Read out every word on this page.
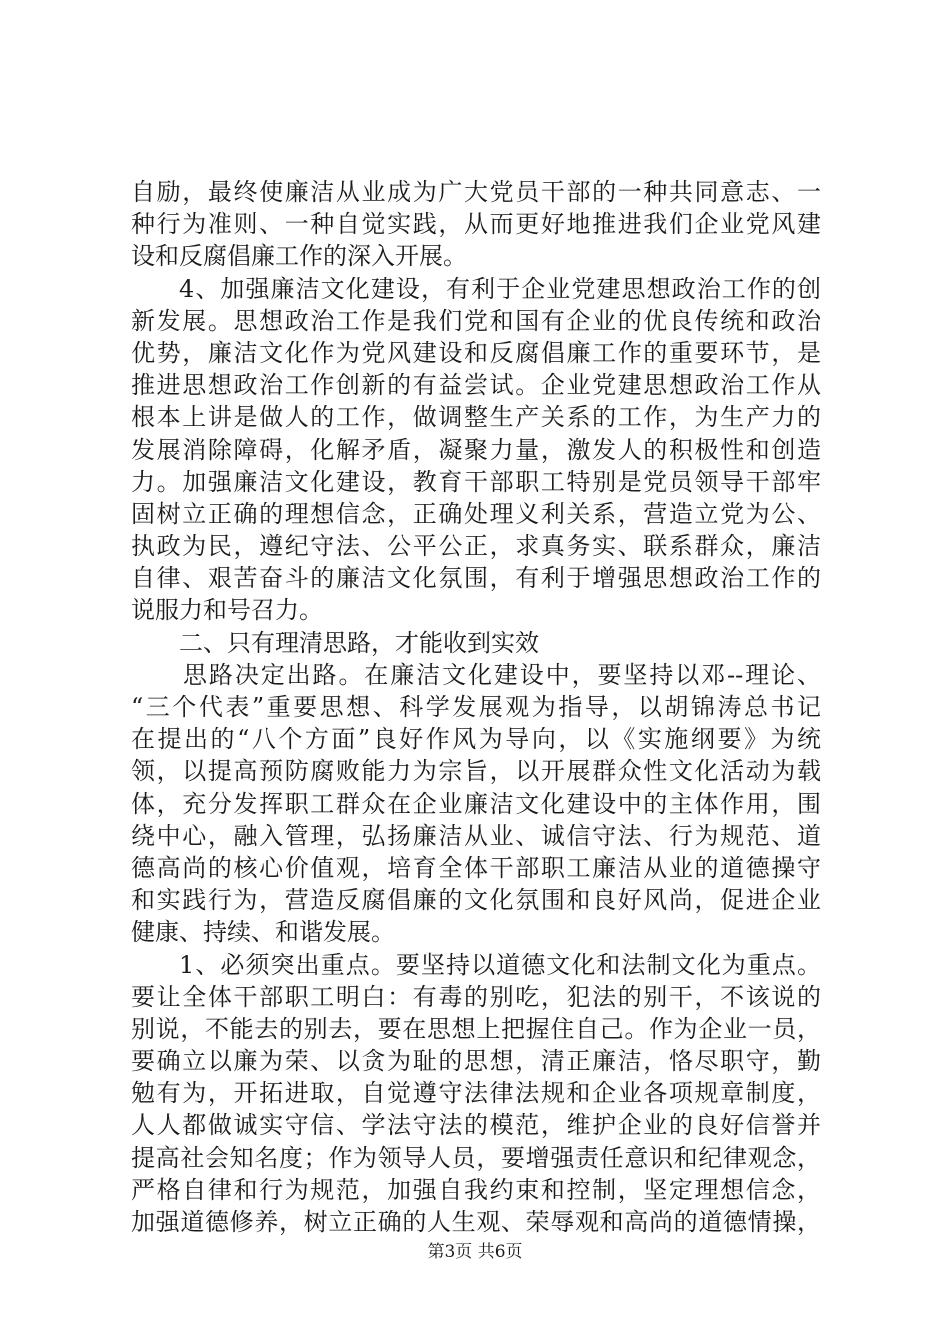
自励，最终使廉洁从业成为广大党员干部的一种共同意志、一
种行为准则、一种自觉实践，从而更好地推进我们企业党风建
设和反腐倡廉工作的深入开展。
4、加强廉洁文化建设，有利于企业党建思想政治工作的创
新发展。思想政治工作是我们党和国有企业的优良传统和政治
优势，廉洁文化作为党风建设和反腐倡廉工作的重要环节，是
推进思想政治工作创新的有益尝试。企业党建思想政治工作从
根本上讲是做人的工作，做调整生产关系的工作，为生产力的
发展消除障碍，化解矛盾，凝聚力量，激发人的积极性和创造
力。加强廉洁文化建设，教育干部职工特别是党员领导干部牢
固树立正确的理想信念，正确处理义利关系，营造立党为公、
执政为民，遵纪守法、公平公正，求真务实、联系群众，廉洁
自律、艰苦奋斗的廉洁文化氛围，有利于增强思想政治工作的
说服力和号召力。
二、只有理清思路，才能收到实效
思路决定出路。在廉洁文化建设中，要坚持以邓--理论、
“三个代表”重要思想、科学发展观为指导，以胡锦涛总书记
在提出的“八个方面”良好作风为导向，以《实施纲要》为统
领，以提高预防腐败能力为宗旨，以开展群众性文化活动为载
体，充分发挥职工群众在企业廉洁文化建设中的主体作用，围
绕中心，融入管理，弘扬廉洁从业、诚信守法、行为规范、道
德高尚的核心价值观，培育全体干部职工廉洁从业的道德操守
和实践行为，营造反腐倡廉的文化氛围和良好风尚，促进企业
健康、持续、和谐发展。
1、必须突出重点。要坚持以道德文化和法制文化为重点。
要让全体干部职工明白：有毒的别吃，犯法的别干，不该说的
别说，不能去的别去，要在思想上把握住自己。作为企业一员，
要确立以廉为荣、以贪为耻的思想，清正廉洁，恪尽职守，勤
勉有为，开拓进取，自觉遵守法律法规和企业各项规章制度，
人人都做诚实守信、学法守法的模范，维护企业的良好信誉并
提高社会知名度；作为领导人员，要增强责任意识和纪律观念，
严格自律和行为规范，加强自我约束和控制，坚定理想信念，
加强道德修养，树立正确的人生观、荣辱观和高尚的道德情操，
第3页 共6页
